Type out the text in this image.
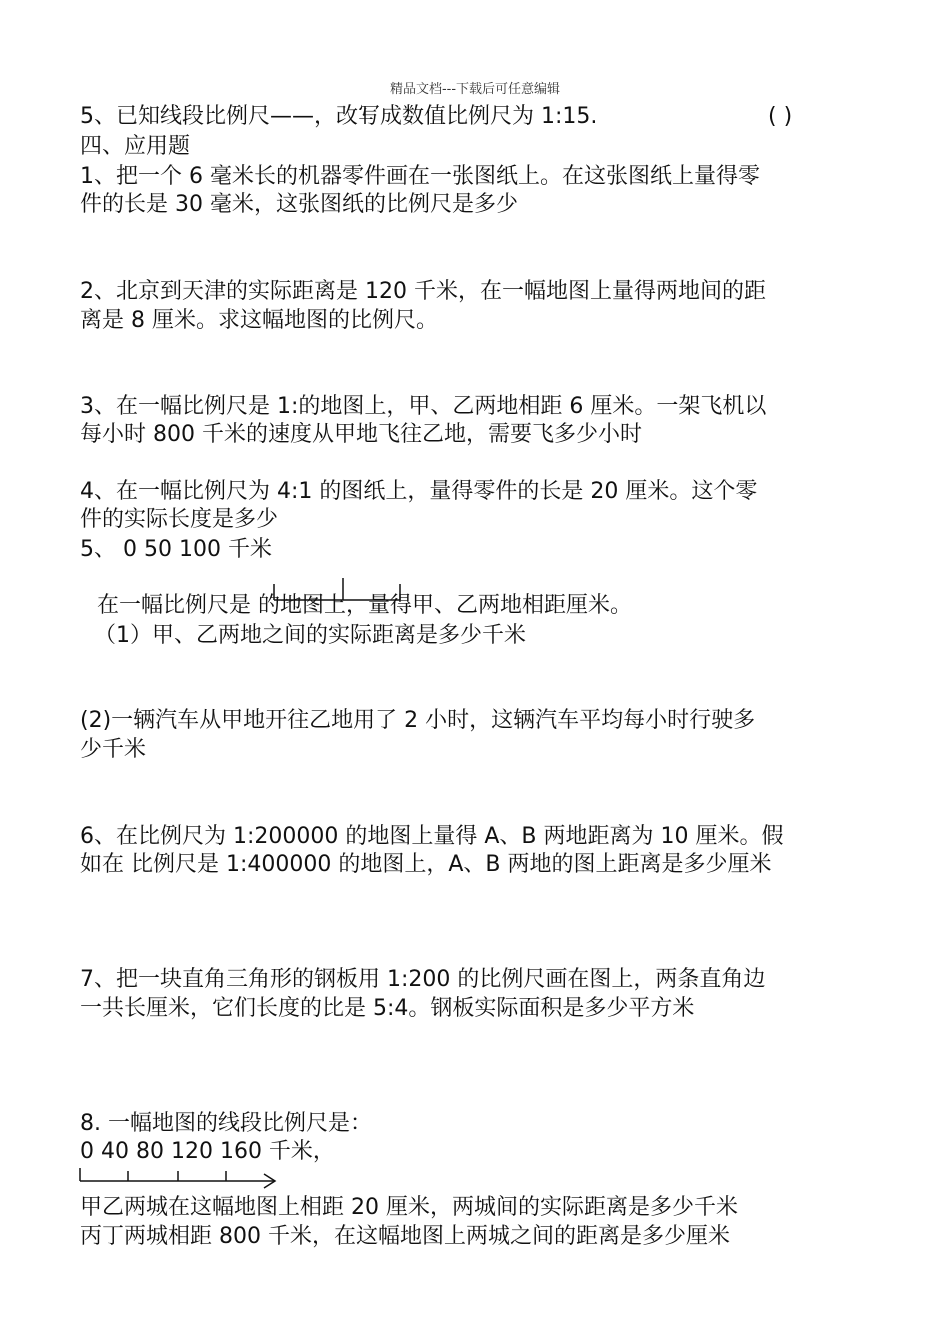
精品文档---下载后可任意编辑
5、已知线段比例尺——，改写成数值比例尺为 1:15.	( )
四、应用题
1、把一个 6 毫米长的机器零件画在一张图纸上。在这张图纸上量得零
件的长是 30 毫米，这张图纸的比例尺是多少
2、北京到天津的实际距离是 120 千米，在一幅地图上量得两地间的距
离是 8 厘米。求这幅地图的比例尺。
3、在一幅比例尺是 1:的地图上，甲、乙两地相距 6 厘米。一架飞机以
每小时 800 千米的速度从甲地飞往乙地，需要飞多少小时
4、在一幅比例尺为 4:1 的图纸上，量得零件的长是 20 厘米。这个零
件的实际长度是多少
5、 0 50 100 千米
在一幅比例尺是 的地图上，量得甲、乙两地相距厘米。
（1）甲、乙两地之间的实际距离是多少千米
(2)一辆汽车从甲地开往乙地用了 2 小时，这辆汽车平均每小时行驶多
少千米
6、在比例尺为 1:200000 的地图上量得 A、B 两地距离为 10 厘米。假
如在 比例尺是 1:400000 的地图上，A、B 两地的图上距离是多少厘米
7、把一块直角三角形的钢板用 1:200 的比例尺画在图上，两条直角边
一共长厘米，它们长度的比是 5:4。钢板实际面积是多少平方米
8. 一幅地图的线段比例尺是：
0 40 80 120 160 千米，
甲乙两城在这幅地图上相距 20 厘米，两城间的实际距离是多少千米
丙丁两城相距 800 千米，在这幅地图上两城之间的距离是多少厘米
